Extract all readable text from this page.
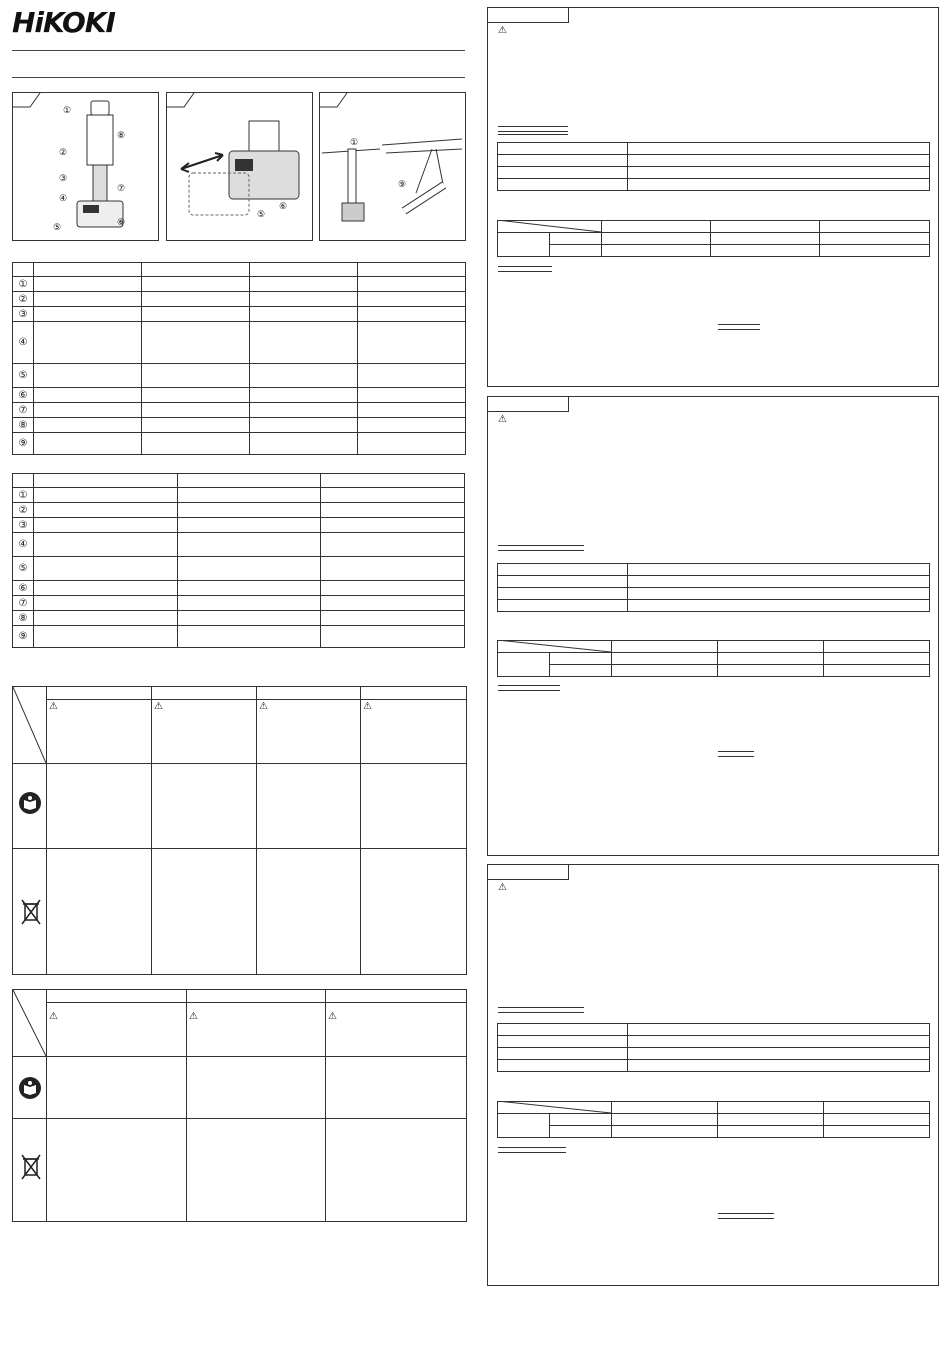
HiKOKI
①
②
③
④
⑤	⑥
⑦
⑧
⑤
⑥
①
⑨

①				
②				
③				
④				
⑤				
⑥				
⑦				
⑧				
⑨				

①			
②			
③			
④			
⑤			
⑥			
⑦			
⑧			
⑨			
⚠	⚠	⚠	⚠
⚠	⚠	⚠
⚠

⚠

⚠
